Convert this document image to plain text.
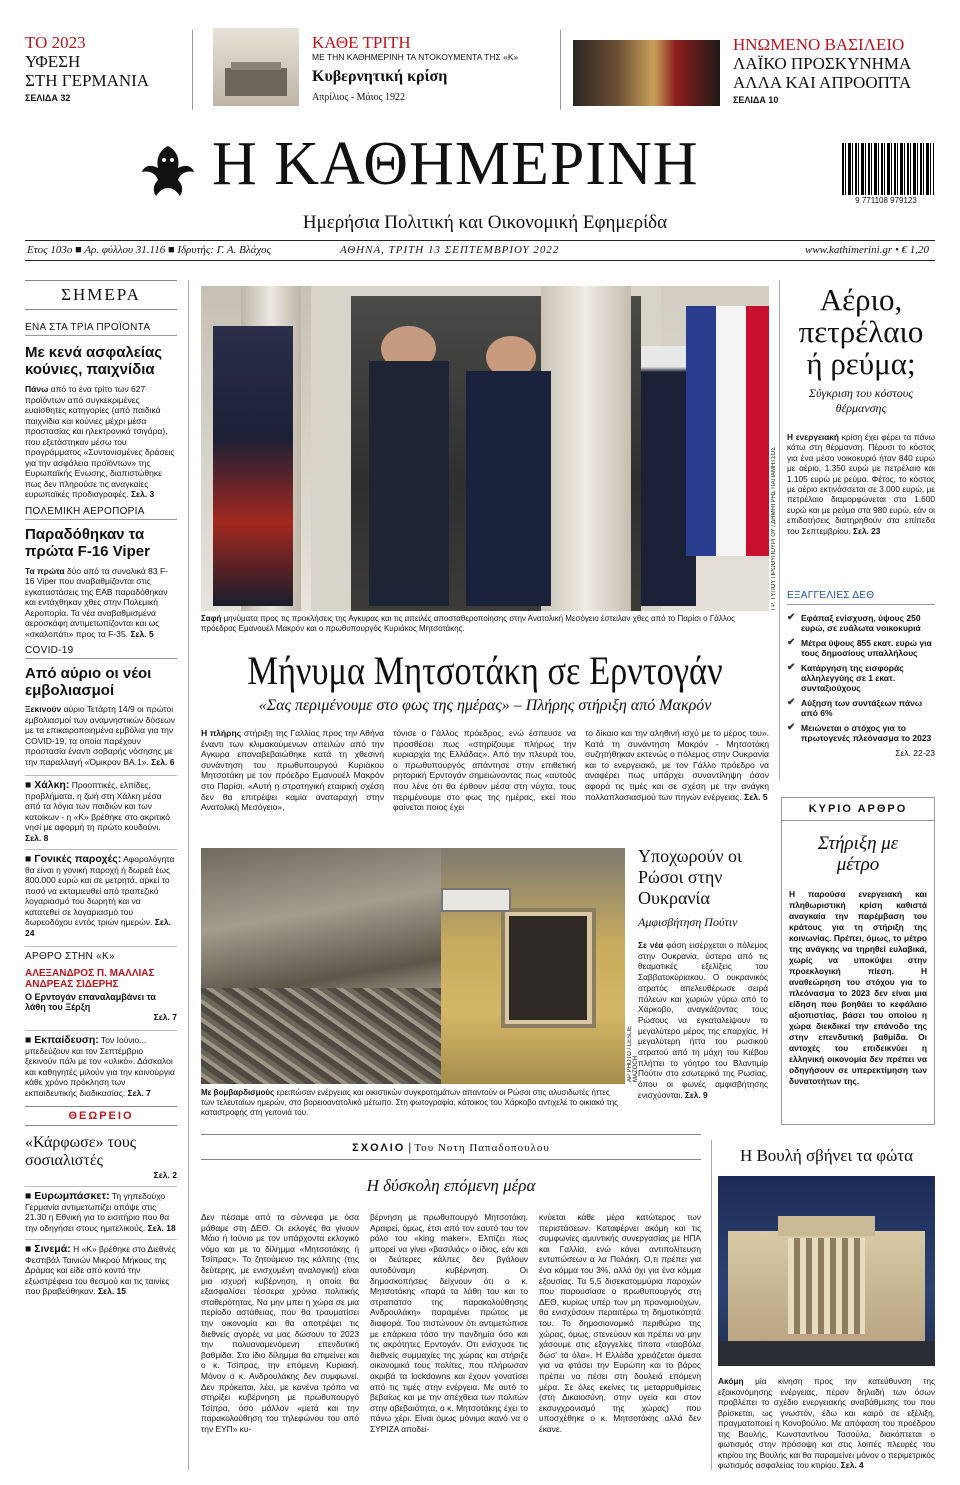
ΤΟ 2023
ΥΦΕΣΗ
ΣΤΗ ΓΕΡΜΑΝΙΑ
ΣΕΛΙΔΑ 32
ΚΑΘΕ ΤΡΙΤΗ
ΜΕ ΤΗΝ ΚΑΘΗΜΕΡΙΝΗ ΤΑ ΝΤΟΚΟΥΜΕΝΤΑ ΤΗΣ «Κ»
Κυβερνητική κρίση
Απρίλιος - Μάιος 1922
ΗΝΩΜΕΝΟ ΒΑΣΙΛΕΙΟ
ΛΑΪΚΟ ΠΡΟΣΚΥΝΗΜΑ
ΑΛΛΑ ΚΑΙ ΑΠΡΟΟΠΤΑ
ΣΕΛΙΔΑ 10
Η ΚΑΘΗΜΕΡΙΝΗ
Ημερήσια Πολιτική και Οικονομική Εφημερίδα
9 771108 979123
Ετος 103ο ■ Αρ. φύλλου 31.116 ■ Ιδρυτής: Γ. Α. Βλάχος	ΑΘΗΝΑ, ΤΡΙΤΗ 13 ΣΕΠΤΕΜΒΡΙΟΥ 2022	www.kathimerini.gr • € 1,20
ΣΗΜΕΡΑ
ΕΝΑ ΣΤΑ ΤΡΙΑ ΠΡΟΪΟΝΤΑ
Με κενά ασφαλείας κούνιες, παιχνίδια
Πάνω από το ένα τρίτο των 627 προϊόντων από συγκεκριμένες ευαίσθητες κατηγορίες (από παιδικά παιχνίδια και κούνιες μέχρι μέσα προστασίας και ηλεκτρονικά τσιγάρα), που εξετάστηκαν μέσω του προγράμματος «Συντονισμένες δράσεις για την ασφάλεια προϊόντων» της Ευρωπαϊκής Ενωσης, διαπιστώθηκε πως δεν πληρούσε τις αναγκαίες ευρωπαϊκές προδιαγραφές. Σελ. 3
ΠΟΛΕΜΙΚΗ ΑΕΡΟΠΟΡΙΑ
Παραδόθηκαν τα πρώτα F-16 Viper
Τα πρώτα δύο από τα συνολικά 83 F-16 Viper που αναβαθμίζονται στις εγκαταστάσεις της ΕΑΒ παραδόθηκαν και εντάχθηκαν χθες στην Πολεμική Αεροπορία. Τα νέα αναβαθμισμένα αεροσκάφη αντιμετωπίζονται και ως «σκαλοπάτι» προς τα F-35. Σελ. 5
COVID-19
Από αύριο οι νέοι εμβολιασμοί
Ξεκινούν αύριο Τετάρτη 14/9 οι πρώτοι εμβολιασμοί των αναμνηστικών δόσεων με τα επικαιροποιημένα εμβόλια για την COVID-19, τα οποία παρέχουν προστασία έναντι σοβαρής νόσησης με την παραλλαγή «Όμικρον ΒΑ.1». Σελ. 6
■ Χάλκη: Προοπτικές, ελπίδες, προβλήματα, η ζωή στη Χάλκη μέσα από τα λόγια των παιδιών και των κατοίκων - η «Κ» βρέθηκε στο ακριτικό νησί με αφορμή τη πρώτο κουδούνι. Σελ. 8
■ Γονικές παροχές: Αφορολόγητα θα είναι η γονική παροχή ή δωρεά έως 800.000 ευρώ και σε μετρητά, αρκεί το ποσό να εκταμιευθεί από τραπεζικό λογαριασμό του δωρητή και να κατατεθεί σε λογαριασμό του δωρεοδόχου εντός τριών ημερών. Σελ. 24
ΑΡΘΡΟ ΣΤΗΝ «Κ»
ΑΛΕΞΑΝΔΡΟΣ Π. ΜΑΛΛΙΑΣ
ΑΝΔΡΕΑΣ ΣΙΔΕΡΗΣ
Ο Ερντογάν επαναλαμβάνει τα λάθη του Ξέρξη
Σελ. 7
■ Εκπαίδευση: Τον Ιούνιο... μπεδεύζουν και τον Σεπτέμβριο ξεκινούν πάλι με τον «υλικό». Δάσκαλοι και καθηγητές μιλούν για την καινούργια κάθε χρόνο πρόκληση των εκπαιδευτικής διαδικασίας. Σελ. 7
ΘΕΩΡΕΙΟ
«Κάρφωσε» τους σοσιαλιστές
Σελ. 2
■ Ευρωμπάσκετ: Τη γηπεδούχο Γερμανία αντιμετωπίζει απόψε στις 21.30 η Εθνική για το εισιτήριο που θα την οδηγήσει στους ημιτελικούς. Σελ. 18
■ Σινεμά: Η «Κ» βρέθηκε στο Διεθνές Φεστιβάλ Ταινιών Μικρού Μήκους της Δράμας και είδε από κοντά την εξωστρέφεια του θεσμού και τις ταινίες που βραβεύθηκαν. Σελ. 15
ΓΡ. ΤΥΠΟΥ ΠΡΩΘΥΠΟΥΡΓΟΥ / ΔΗΜΗΤΡΗΣ ΠΑΠΑΜΗΤΣΟΣ
Σαφή μηνύματα προς τις προκλήσεις της Αγκυρας και τις απειλές αποσταθεροποίησης στην Ανατολική Μεσόγειο έστειλαν χθες από το Παρίσι ο Γάλλος πρόεδρος Εμανουέλ Μακρόν και ο πρωθυπουργός Κυριάκος Μητσοτάκης.
Μήνυμα Μητσοτάκη σε Ερντογάν
«Σας περιμένουμε στο φως της ημέρας» – Πλήρης στήριξη από Μακρόν
Η πλήρης στήριξη της Γαλλίας προς την Αθήνα έναντι των κλιμακούμενων απειλών από την Αγκυρα επαναβεβαιώθηκε κατά τη χθεσινή συνάντηση του πρωθυπουργού Κυριάκου Μητσοτάκη με τον πρόεδρο Εμανουέλ Μακρόν στο Παρίσι. «Αυτή η στρατηγική εταιρική σχέση δεν θα επιτρέψει καμία αναταραχή στην Ανατολική Μεσόγειο»,
τόνισε ο Γάλλος πρόεδρος, ενώ έσπευσε να προσθέσει πως «στηρίζουμε πλήρως την κυριαρχία της Ελλάδας». Από την πλευρά του, ο πρωθυπουργός απάντησε στην επιθετική ρητορική Ερντογάν σημειώνοντας πως «αυτούς που λένε ότι θα έρθουν μέσα στη νύχτα, τους περιμένουμε στο φως της ημέρας, εκεί που φαίνεται ποιος έχει
το δίκαιο και την αληθινή ισχύ με το μέρος του». Κατά τη συνάντηση Μακρόν - Μητσοτάκη συζητήθηκαν εκτενώς ο πόλεμος στην Ουκρανία και το ενεργειακό, με τον Γάλλο πρόεδρο να αναφέρει πως υπάρχει συναντίληψη όσον αφορά τις τιμές και σε σχέση με την ανάγκη πολλαπλασιασμού των πηγών ενέργειας. Σελ. 5
Αέριο, πετρέλαιο ή ρεύμα;
Σύγκριση του κόστους θέρμανσης
Η ενεργειακή κρίση έχει φέρει τα πάνω κάτω στη θέρμανση. Πέρυσι το κόστος για ένα μέσο νοικοκυριό ήταν 840 ευρώ με αέριο, 1.350 ευρώ με πετρέλαιο και 1.105 ευρώ με ρεύμα. Φέτος, το κόστος με αέριο εκτινάσσεται σε 3.000 ευρώ, με πετρέλαιο διαμορφώνεται στα 1.600 ευρώ και με ρεύμα στα 980 ευρώ, εάν οι επιδοτήσεις διατηρηθούν στα επίπεδα του Σεπτεμβρίου. Σελ. 23
ΕΞΑΓΓΕΛΙΕΣ ΔΕΘ
✔ Εφάπαξ ενίσχυση, ύψους 250 ευρώ, σε ευάλωτα νοικοκυριά
✔ Μέτρα ύψους 855 εκατ. ευρώ για τους δημοσίους υπαλλήλους
✔ Κατάργηση της εισφοράς αλληλεγγύης σε 1 εκατ. συνταξιούχους
✔ Αύξηση των συντάξεων πάνω από 6%
✔ Μειώνεται ο στόχος για το πρωτογενές πλεόνασμα το 2023
Σελ. 22-23
ΚΥΡΙΟ ΑΡΘΡΟ
Στήριξη με μέτρο
Η παρούσα ενεργειακή και πληθωριστική κρίση καθιστά αναγκαία την παρέμβαση του κράτους για τη στήριξη της κοινωνίας. Πρέπει, όμως, το μέτρο της ανάγκης να τηρηθεί ευλαβικά, χωρίς να υποκύψει στην προεκλογική πίεση. Η αναθεώρηση του στόχου για το πλεόνασμα το 2023 δεν είναι μια είδηση που βοηθάει το κεφάλαιο αξιοπιστίας, βάσει του οποίου η χώρα διεκδικεί την επάνοδο της στην επενδυτική βαθμίδα. Οι αντοχές του επιδεικνύει η ελληνική οικονομία δεν πρέπει να οδηγήσουν σε υπερεκτίμηση των δυνατοτήτων της.
AP PHOTO / LESLIE MAZOCH
Με βομβαρδισμούς ερειπώσαν ενέργειας και οικιστικών συγκροτημάτων απαντούν οι Ρώσοι στις αλυσιδωτές ήττες των τελευταίων ημερών, στο βορειοανατολικό μέτωπο. Στη φωτογραφία, κάτοικος του Χάρκοβο αντιχελέ το οικιακό της καταστροφής στη γειτονιά του.
Υποχωρούν οι Ρώσοι στην Ουκρανία
Αμφισβήτηση Πούτιν
Σε νέα φάση εισέρχεται ο πόλεμος στην Ουκρανία, ύστερα από τις θεαματικές εξελίξεις του Σαββατοκύριακου. Ο ουκρανικός στρατός απελευθέρωσε σειρά πόλεων και χωριών γύρω από το Χάρκοβο, αναγκάζοντας τους Ρώσους να εγκαταλείψουν το μεγαλύτερο μέρος της επαρχίας. Η μεγαλύτερη ήττα του ρωσικού στρατού από τη μάχη του Κιέβου πλήττει το γόητρο του Βλαντιμίρ Πούτιν στο εσωτερικό της Ρωσίας, όπου οι φωνές αμφισβήτησης ενισχύονται. Σελ. 9
ΣΧΟΛΙΟ | Του Νοτη Παπαδοπουλου
Η δύσκολη επόμενη μέρα
Δεν πέσαμε από τα σύννεφα με όσα μάθαμε στη ΔΕΘ. Οι εκλογές θα γίνουν Μάιο ή Ιούνιο με τον υπάρχοντα εκλογικό νόμο και με το δίλημμα «Μητσοτάκης ή Τσίπρας». Το ζητούμενο της κάλπης (της δεύτερης, με ενισχυμένη αναλογική) είναι μια ισχυρή κυβέρνηση, η οποία θα εξασφαλίσει τέσσερα χρόνια πολιτικής σταθερότητας. Να μην μπει η χώρα σε μια περίοδο αστάθειας, που θα τραυματίσει την οικονομία και θα αποτρέψει τις διεθνείς αγορές να μας δώσουν το 2023 την πολυαναμενόμενη επενδυτική βαθμίδα. Στο ίδιο δίλημμα θα επιμείνει και ο κ. Τσίπρας, την επόμενη Κυριακή. Μόνον ο κ. Ανδρουλάκης δεν συμφωνεί. Δεν πρόκειται, λέει, με κανένα τρόπο να στηρίξει κυβέρνηση με πρωθυπουργό Τσίπρα, όσο μάλλον «μετά και την παρακολούθηση του τηλεφώνου του από την ΕΥΠ» κυ-
βέρνηση με πρωθυπουργό Μητσοτάκη. Αραιρεί, όμως, έτσι από τον εαυτό του τον ρόλο του «king maker». Ελπίζει πως μπορεί να γίνει «βασιλιάς» ο ίδιος, εάν και οι δεύτερες κάλπες δεν βγάλουν αυτοδύναμη κυβέρνηση. Οι δημοσκοπήσεις δείχνουν ότι ο κ. Μητσοτάκης «παρά τα λάθη του και το στραπατσο της παρακολούθησης Ανδρουλάκη» παραμένει πρώτος με διαφορά. Του πιστώνουν ότι αντιμετώπισε με επάρκεια τόσο την πανδημία όσο και τις ακρότητες Ερντογάν. Οτι ενίσχυσε τις διεθνείς συμμαχίες της χώρας και στήριξε οικονομικά τους πολίτες, που πλήρωσαν ακριβά τα lockdowns και έχουν γονατίσει από τις τιμές στην ενέργεια. Με αυτό το βεβαίως και με την απέχθεια των πολιτών στην αβεβαιότητα, ο κ. Μητσοτάκης έχει το πάνω χέρι. Είναι όμως μόνιμα ικανό να ο ΣΥΡΙΖΑ αποδεί-
κνύεται κάθε μέρα κατώτερος των περιστάσεων. Καταφέρνει ακόμη και τις συμφωνίες αμυντικής συνεργασίας με ΗΠΑ και Γαλλία, ενώ κάνει αντιπολίτευση εντυπώσεων α λα Πολάκη. Ο,τι πρέπει για ένα κόμμα του 3%, αλλά όχι για ένα κόμμα εξουσίας. Τα 5,5 δισεκατομμύρια παροχών που παρουσίασε ο πρωθυπουργός στη ΔΕΘ, κυρίως υπέρ των μη προνομιούχων, θα ενισχύσουν περαιτέρω τη δημοτικότητά του. Το δημοσιονομικό περιθώριο της χώρας, όμως, στενεύουν και πρέπει να μην χάσουμε στις εξαγγελίες τίποτα «ταοβόλα δώσ' τα όλα». Η Ελλάδα χρειάζεται άμεσα για να φτάσει την Ευρώπη και το βάρος πρέπει να πέσει στη δουλειά επόμενη μέρα. Σε όλες εκείνες τις μεταρρυθμίσεις (στη Δικαιοσύνη, στην υγεία και στον εκσυγχρονισμό της χώρας) που υποσχέθηκε ο κ. Μητσοτάκης αλλά δεν έκανε.
Η Βουλή σβήνει τα φώτα
Ακόμη μία κίνηση προς την κατεύθυνση της εξοικονόμησης ενέργειας, πέραν δηλαδή των όσων προβλέπει το σχέδιο ενεργειακής αναβάθμισης του που βρίσκεται, ως γνωστόν, έδω και καιρό σε εξέλιξη, πραγματοποιεί η Κονοβούλιο. Με απόφαση του προέδρου της Βουλής, Κωνσταντίνου Τασούλα, διακόπτεται ο φωτισμός στην πρόσοψη και στις λοιπές πλευρές του κτιρίου της Βουλής και θα παραμείνει μόνον ο περιμετρικός φωτισμός ασφαλείας του κτιρίου. Σελ. 4
